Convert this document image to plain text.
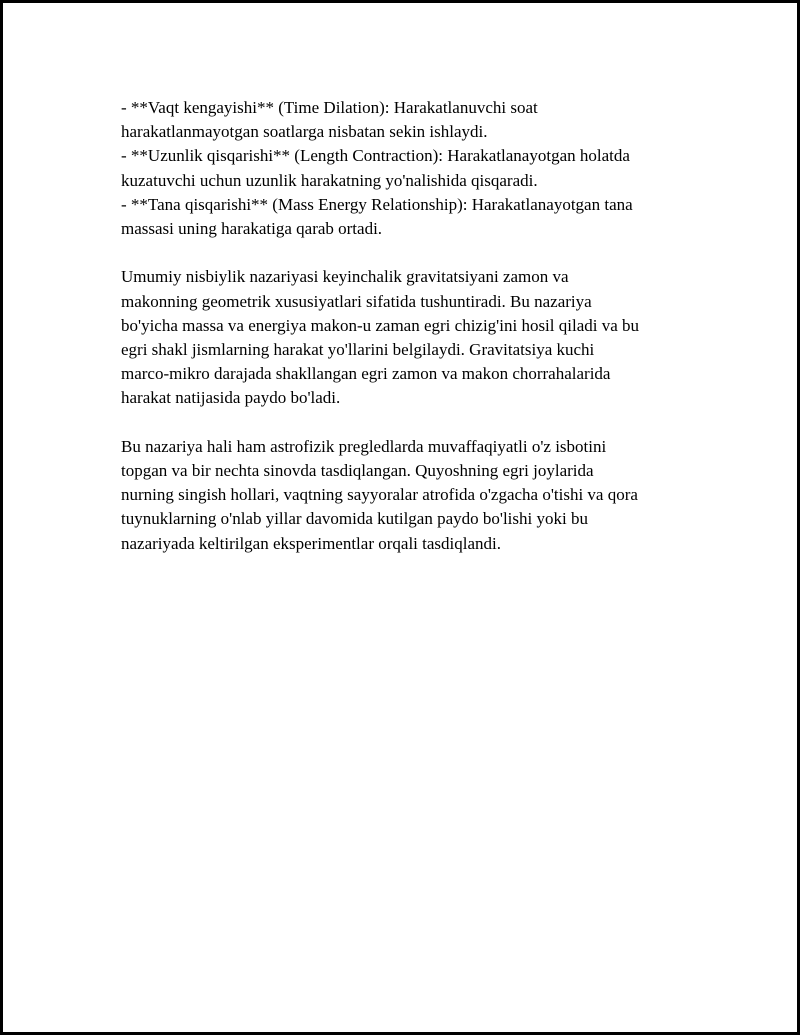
- **Vaqt kengayishi** (Time Dilation): Harakatlanuvchi soat
harakatlanmayotgan soatlarga nisbatan sekin ishlaydi.
- **Uzunlik qisqarishi** (Length Contraction): Harakatlanayotgan holatda
kuzatuvchi uchun uzunlik harakatning yo'nalishida qisqaradi.
- **Tana qisqarishi** (Mass Energy Relationship): Harakatlanayotgan tana
massasi uning harakatiga qarab ortadi.
Umumiy nisbiylik nazariyasi keyinchalik gravitatsiyani zamon va
makonning geometrik xususiyatlari sifatida tushuntiradi. Bu nazariya
bo'yicha massa va energiya makon-u zaman egri chizig'ini hosil qiladi va bu
egri shakl jismlarning harakat yo'llarini belgilaydi. Gravitatsiya kuchi
marco-mikro darajada shakllangan egri zamon va makon chorrahalarida
harakat natijasida paydo bo'ladi.
Bu nazariya hali ham astrofizik pregledlarda muvaffaqiyatli o'z isbotini
topgan va bir nechta sinovda tasdiqlangan. Quyoshning egri joylarida
nurning singish hollari, vaqtning sayyoralar atrofida o'zgacha o'tishi va qora
tuynuklarning o'nlab yillar davomida kutilgan paydo bo'lishi yoki bu
nazariyada keltirilgan eksperimentlar orqali tasdiqlandi.
